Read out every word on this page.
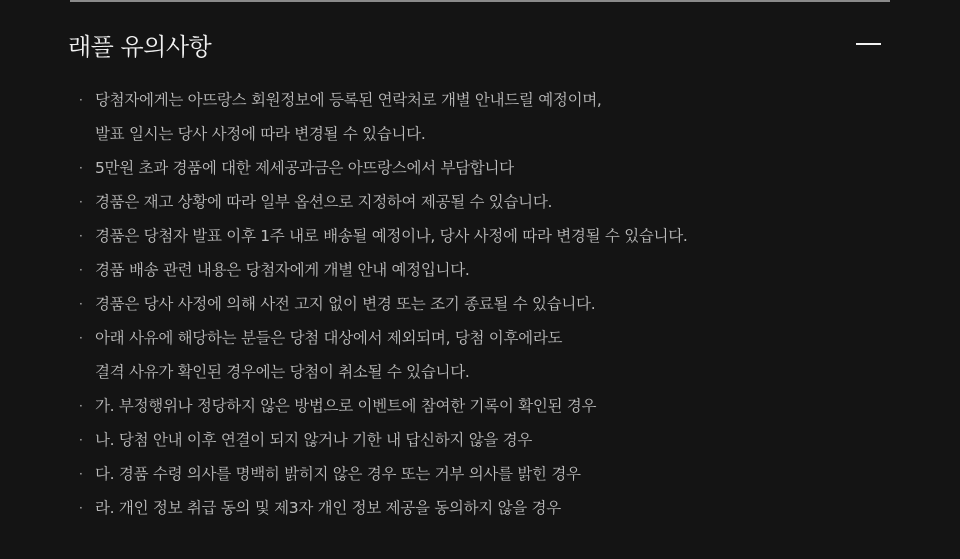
래플 유의사항
· 당첨자에게는 아뜨랑스 회원정보에 등록된 연락처로 개별 안내드릴 예정이며,
발표 일시는 당사 사정에 따라 변경될 수 있습니다.
· 5만원 초과 경품에 대한 제세공과금은 아뜨랑스에서 부담합니다
· 경품은 재고 상황에 따라 일부 옵션으로 지정하여 제공될 수 있습니다.
· 경품은 당첨자 발표 이후 1주 내로 배송될 예정이나, 당사 사정에 따라 변경될 수 있습니다.
· 경품 배송 관련 내용은 당첨자에게 개별 안내 예정입니다.
· 경품은 당사 사정에 의해 사전 고지 없이 변경 또는 조기 종료될 수 있습니다.
· 아래 사유에 해당하는 분들은 당첨 대상에서 제외되며, 당첨 이후에라도
결격 사유가 확인된 경우에는 당첨이 취소될 수 있습니다.
· 가. 부정행위나 정당하지 않은 방법으로 이벤트에 참여한 기록이 확인된 경우
· 나. 당첨 안내 이후 연결이 되지 않거나 기한 내 답신하지 않을 경우
· 다. 경품 수령 의사를 명백히 밝히지 않은 경우 또는 거부 의사를 밝힌 경우
· 라. 개인 정보 취급 동의 및 제3자 개인 정보 제공을 동의하지 않을 경우
